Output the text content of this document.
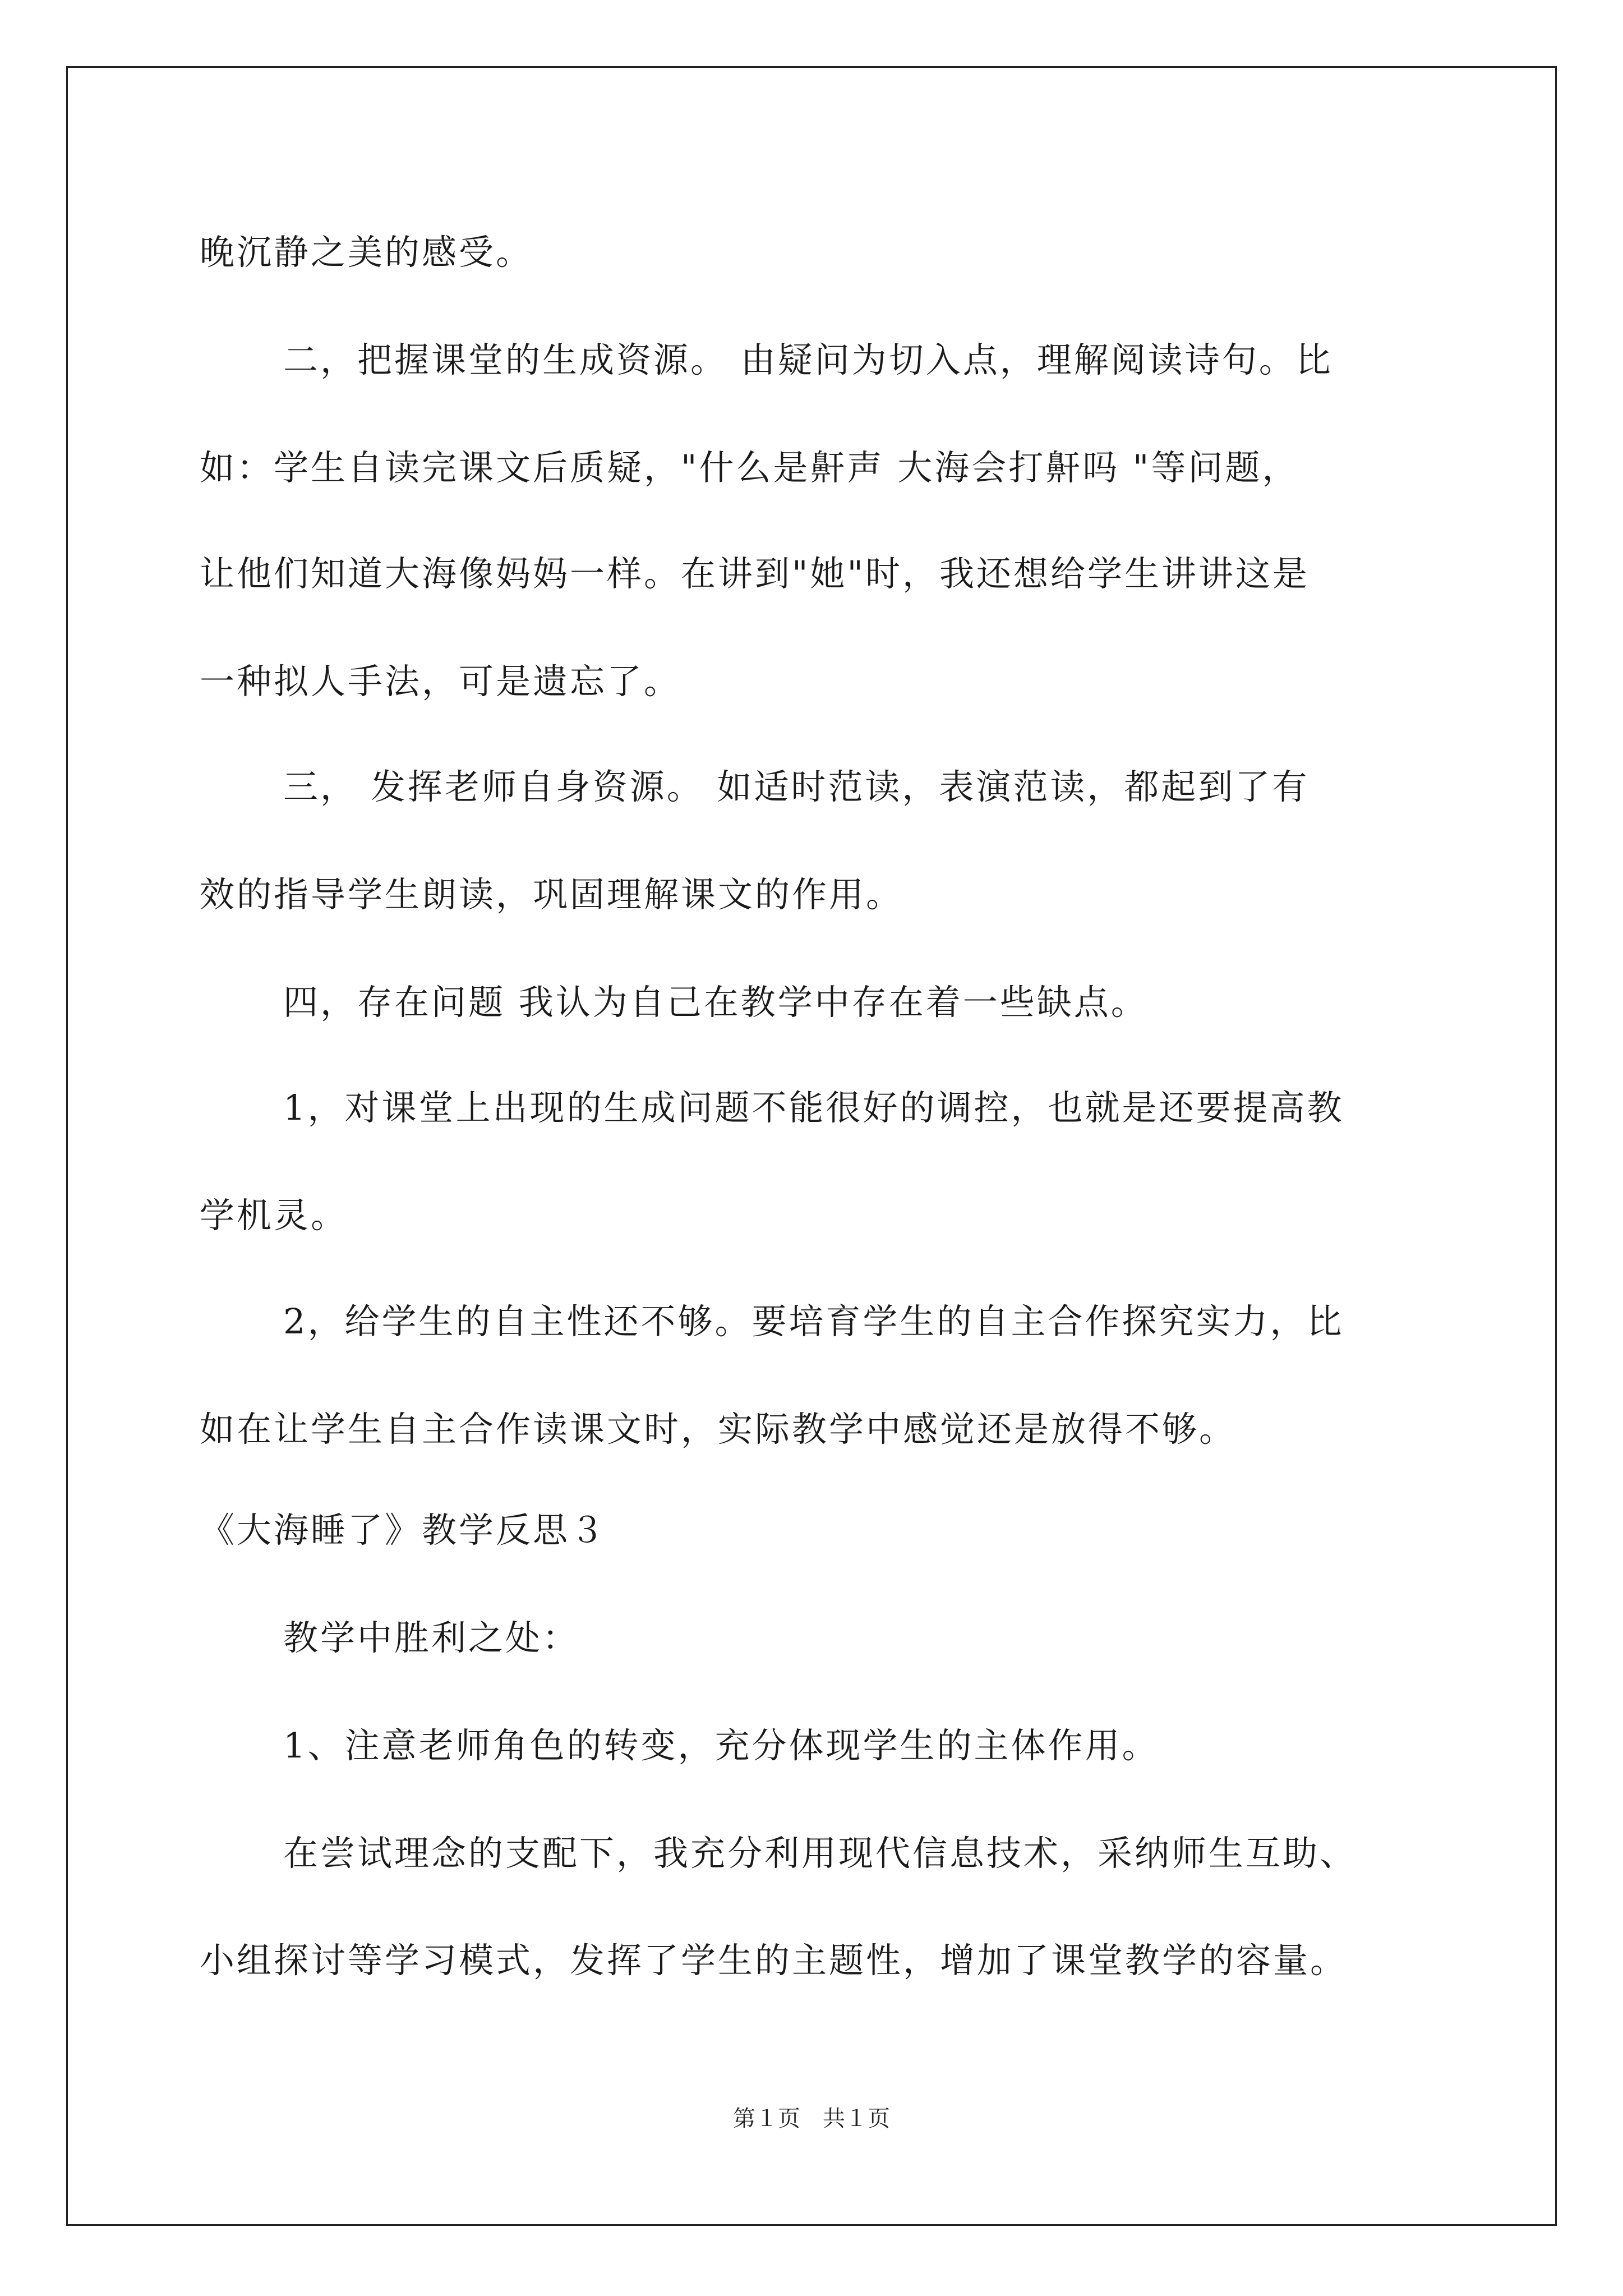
晚沉静之美的感受。
二，把握课堂的生成资源。 由疑问为切入点，理解阅读诗句。比
如：学生自读完课文后质疑，"什么是鼾声 大海会打鼾吗 "等问题，
让他们知道大海像妈妈一样。在讲到"她"时，我还想给学生讲讲这是
一种拟人手法，可是遗忘了。
三， 发挥老师自身资源。 如适时范读，表演范读，都起到了有
效的指导学生朗读，巩固理解课文的作用。
四，存在问题 我认为自己在教学中存在着一些缺点。
1，对课堂上出现的生成问题不能很好的调控，也就是还要提高教
学机灵。
2，给学生的自主性还不够。要培育学生的自主合作探究实力，比
如在让学生自主合作读课文时，实际教学中感觉还是放得不够。
《大海睡了》教学反思３
教学中胜利之处：
1、注意老师角色的转变，充分体现学生的主体作用。
在尝试理念的支配下，我充分利用现代信息技术，采纳师生互助、
小组探讨等学习模式，发挥了学生的主题性，增加了课堂教学的容量。
第１页　共１页
